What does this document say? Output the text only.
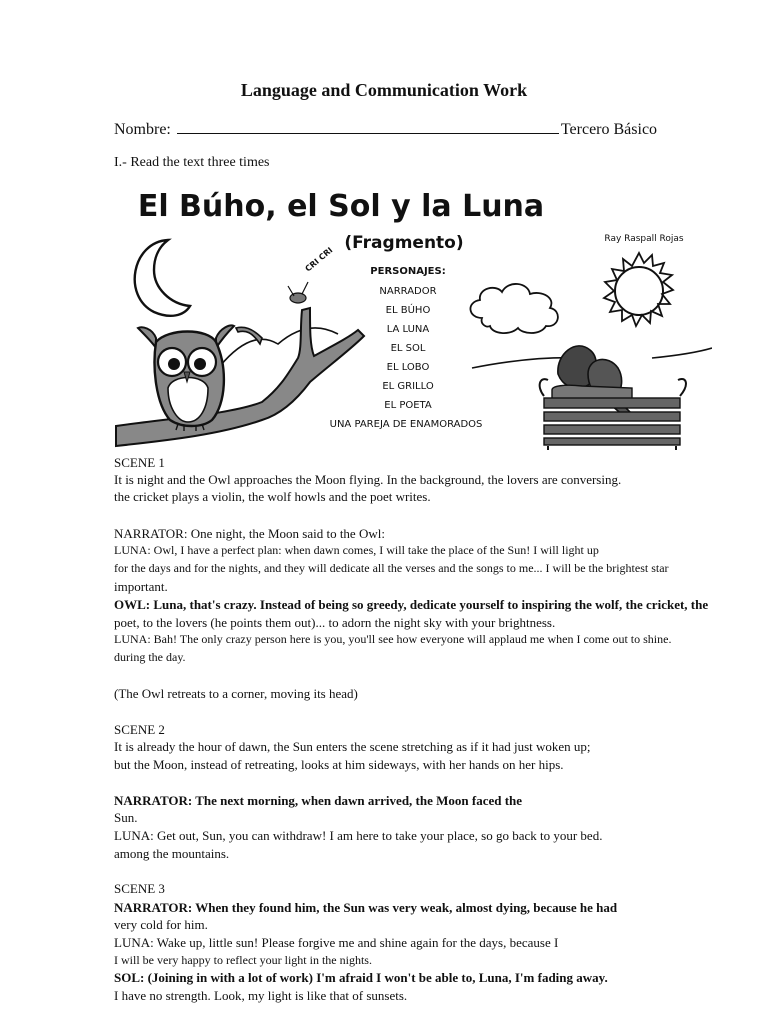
Language and Communication Work
Nombre:	Tercero Básico
I.- Read the text three times
El Búho, el Sol y la Luna
(Fragmento)	Ray Raspall Rojas
CRI CRI	PERSONAJES:
NARRADOR
EL BÚHO
LA LUNA
EL SOL
EL LOBO
EL GRILLO
EL POETA
UNA PAREJA DE ENAMORADOS
SCENE 1
It is night and the Owl approaches the Moon flying. In the background, the lovers are conversing.
the cricket plays a violin, the wolf howls and the poet writes.
NARRATOR: One night, the Moon said to the Owl:
LUNA: Owl, I have a perfect plan: when dawn comes, I will take the place of the Sun! I will light up
for the days and for the nights, and they will dedicate all the verses and the songs to me... I will be the brightest star
important.
OWL: Luna, that's crazy. Instead of being so greedy, dedicate yourself to inspiring the wolf, the cricket, the
poet, to the lovers (he points them out)... to adorn the night sky with your brightness.
LUNA: Bah! The only crazy person here is you, you'll see how everyone will applaud me when I come out to shine.
during the day.
(The Owl retreats to a corner, moving its head)
SCENE 2
It is already the hour of dawn, the Sun enters the scene stretching as if it had just woken up;
but the Moon, instead of retreating, looks at him sideways, with her hands on her hips.
NARRATOR: The next morning, when dawn arrived, the Moon faced the
Sun.
LUNA: Get out, Sun, you can withdraw! I am here to take your place, so go back to your bed.
among the mountains.
SCENE 3
NARRATOR: When they found him, the Sun was very weak, almost dying, because he had
very cold for him.
LUNA: Wake up, little sun! Please forgive me and shine again for the days, because I
I will be very happy to reflect your light in the nights.
SOL: (Joining in with a lot of work) I'm afraid I won't be able to, Luna, I'm fading away.
I have no strength. Look, my light is like that of sunsets.
